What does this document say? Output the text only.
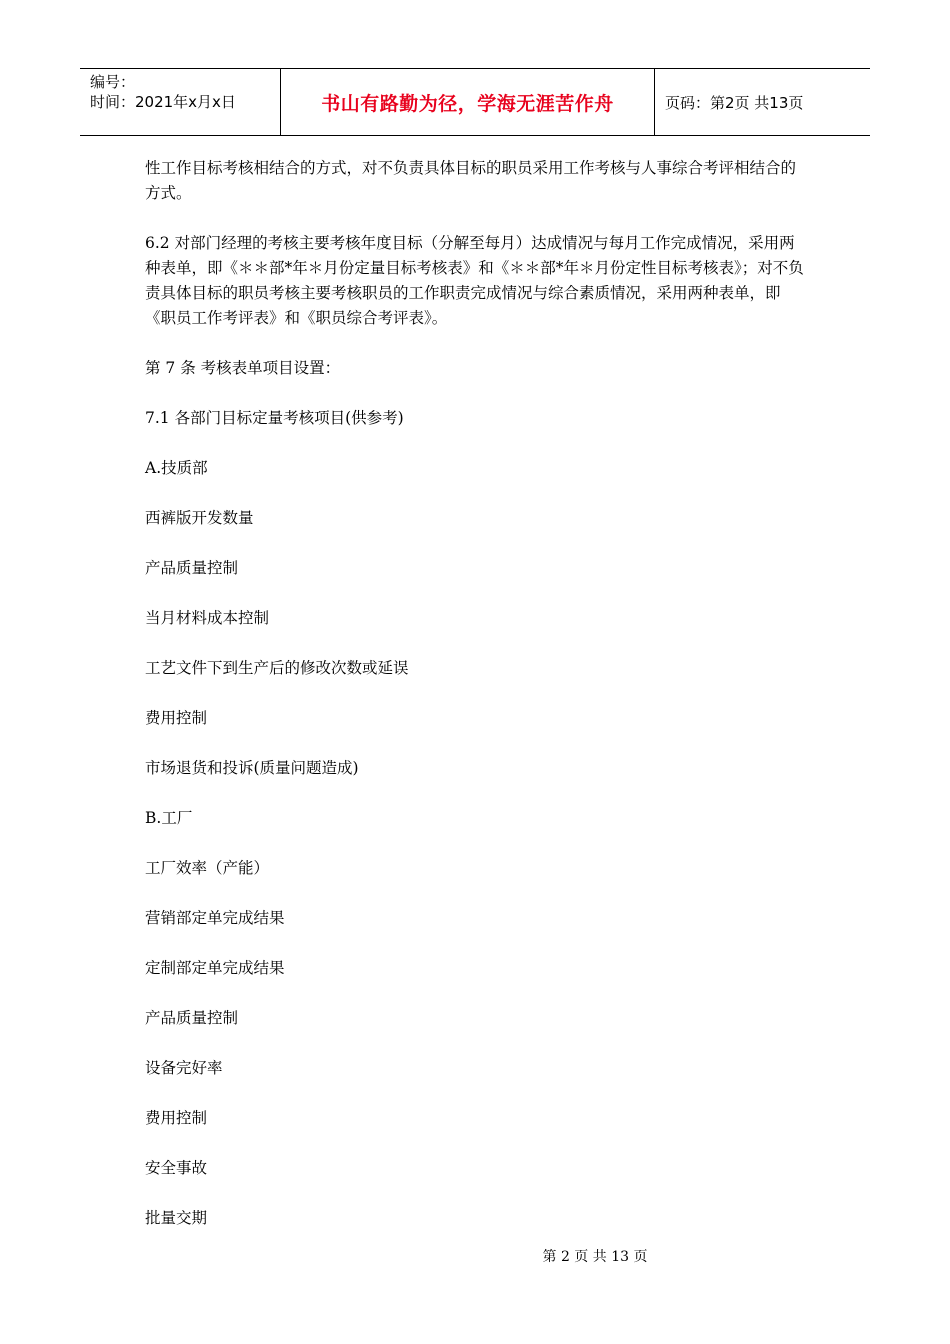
编号：
时间：2021年x月x日	书山有路勤为径，学海无涯苦作舟	页码：第2页 共13页

性工作目标考核相结合的方式，对不负责具体目标的职员采用工作考核与人事综合考评相结合的方式。

6.2 对部门经理的考核主要考核年度目标（分解至每月）达成情况与每月工作完成情况，采用两种表单，即《＊＊部*年＊月份定量目标考核表》和《＊＊部*年＊月份定性目标考核表》；对不负责具体目标的职员考核主要考核职员的工作职责完成情况与综合素质情况，采用两种表单，即《职员工作考评表》和《职员综合考评表》。

第 7 条 考核表单项目设置：

7.1 各部门目标定量考核项目(供参考)

A.技质部

西裤版开发数量

产品质量控制

当月材料成本控制

工艺文件下到生产后的修改次数或延误

费用控制

市场退货和投诉(质量问题造成)

B.工厂

工厂效率（产能）

营销部定单完成结果

定制部定单完成结果

产品质量控制

设备完好率

费用控制

安全事故

批量交期

第 2 页 共 13 页
